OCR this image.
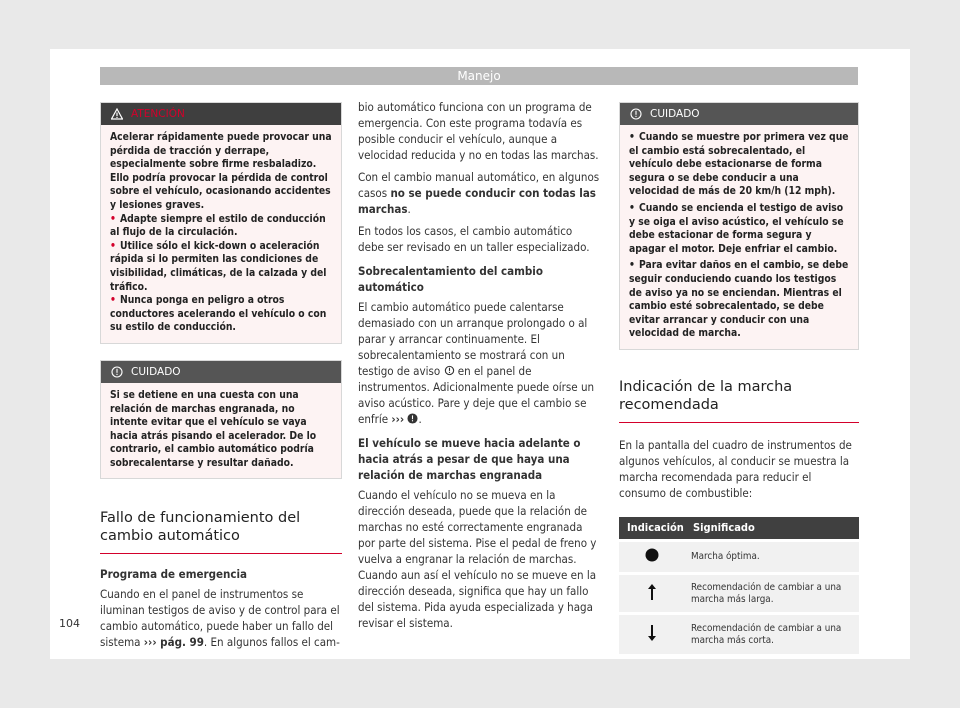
Manejo
ATENCIÓN
Acelerar rápidamente puede provocar una pérdida de tracción y derrape, especialmente sobre firme resbaladizo. Ello podría provocar la pérdida de control sobre el vehículo, ocasionando accidentes y lesiones graves.
• Adapte siempre el estilo de conducción al flujo de la circulación.
• Utilice sólo el kick-down o aceleración rápida si lo permiten las condiciones de visibilidad, climáticas, de la calzada y del tráfico.
• Nunca ponga en peligro a otros conductores acelerando el vehículo o con su estilo de conducción.
CUIDADO
Si se detiene en una cuesta con una relación de marchas engranada, no intente evitar que el vehículo se vaya hacia atrás pisando el acelerador. De lo contrario, el cambio automático podría sobrecalentarse y resultar dañado.
Fallo de funcionamiento del cambio automático
Programa de emergencia
Cuando en el panel de instrumentos se iluminan testigos de aviso y de control para el cambio automático, puede haber un fallo del sistema ››› pág. 99. En algunos fallos el cam-
bio automático funciona con un programa de emergencia. Con este programa todavía es posible conducir el vehículo, aunque a velocidad reducida y no en todas las marchas.
Con el cambio manual automático, en algunos casos no se puede conducir con todas las marchas.
En todos los casos, el cambio automático debe ser revisado en un taller especializado.
Sobrecalentamiento del cambio automático
El cambio automático puede calentarse demasiado con un arranque prolongado o al parar y arrancar continuamente. El sobrecalentamiento se mostrará con un testigo de aviso  en el panel de instrumentos. Adicionalmente puede oírse un aviso acústico. Pare y deje que el cambio se enfríe ››› .
El vehículo se mueve hacia adelante o hacia atrás a pesar de que haya una relación de marchas engranada
Cuando el vehículo no se mueva en la dirección deseada, puede que la relación de marchas no esté correctamente engranada por parte del sistema. Pise el pedal de freno y vuelva a engranar la relación de marchas. Cuando aun así el vehículo no se mueve en la dirección deseada, significa que hay un fallo del sistema. Pida ayuda especializada y haga revisar el sistema.
CUIDADO
• Cuando se muestre por primera vez que el cambio está sobrecalentado, el vehículo debe estacionarse de forma segura o se debe conducir a una velocidad de más de 20 km/h (12 mph).
• Cuando se encienda el testigo de aviso y se oiga el aviso acústico, el vehículo se debe estacionar de forma segura y apagar el motor. Deje enfriar el cambio.
• Para evitar daños en el cambio, se debe seguir conduciendo cuando los testigos de aviso ya no se enciendan. Mientras el cambio esté sobrecalentado, se debe evitar arrancar y conducir con una velocidad de marcha.
Indicación de la marcha recomendada
En la pantalla del cuadro de instrumentos de algunos vehículos, al conducir se muestra la marcha recomendada para reducir el consumo de combustible:
Indicación	Significado
	Marcha óptima.
	Recomendación de cambiar a una marcha más larga.
	Recomendación de cambiar a una marcha más corta.
104
